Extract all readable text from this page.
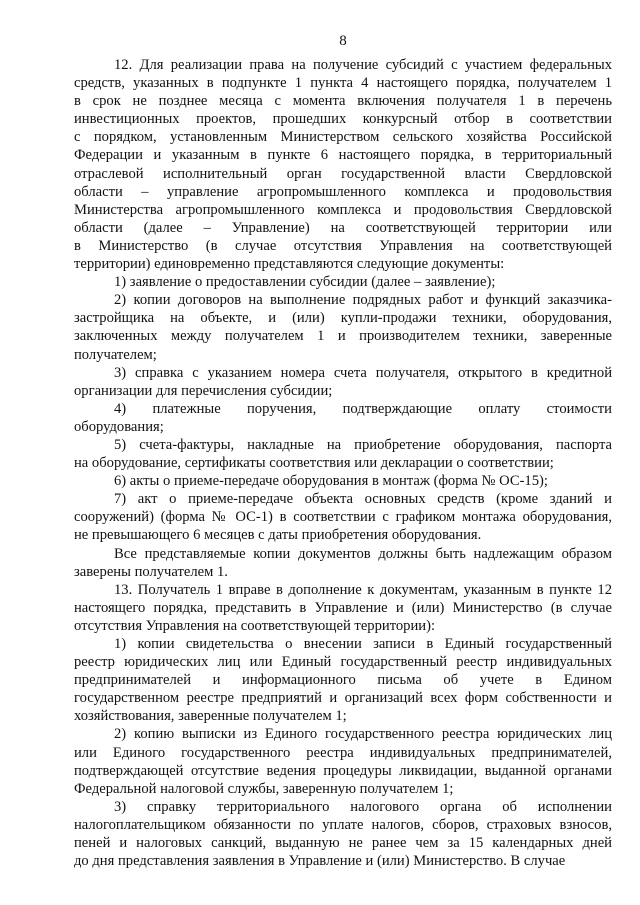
8
12. Для реализации права на получение субсидий с участием федеральных
средств, указанных в подпункте 1 пункта 4 настоящего порядка, получателем 1
в срок не позднее месяца с момента включения получателя 1 в перечень
инвестиционных проектов, прошедших конкурсный отбор в соответствии
с порядком, установленным Министерством сельского хозяйства Российской
Федерации и указанным в пункте 6 настоящего порядка, в территориальный
отраслевой исполнительный орган государственной власти Свердловской
области – управление агропромышленного комплекса и продовольствия
Министерства агропромышленного комплекса и продовольствия Свердловской
области (далее – Управление) на соответствующей территории или
в Министерство (в случае отсутствия Управления на соответствующей
территории) единовременно представляются следующие документы:
1) заявление о предоставлении субсидии (далее – заявление);
2) копии договоров на выполнение подрядных работ и функций заказчика-
застройщика на объекте, и (или) купли-продажи техники, оборудования,
заключенных между получателем 1 и производителем техники, заверенные
получателем;
3) справка с указанием номера счета получателя, открытого в кредитной
организации для перечисления субсидии;
4) платежные поручения, подтверждающие оплату стоимости
оборудования;
5) счета-фактуры, накладные на приобретение оборудования, паспорта
на оборудование, сертификаты соответствия или декларации о соответствии;
6) акты о приеме-передаче оборудования в монтаж (форма № ОС-15);
7) акт о приеме-передаче объекта основных средств (кроме зданий и
сооружений) (форма № ОС-1) в соответствии с графиком монтажа оборудования,
не превышающего 6 месяцев с даты приобретения оборудования.
Все представляемые копии документов должны быть надлежащим образом
заверены получателем 1.
13. Получатель 1 вправе в дополнение к документам, указанным в пункте 12
настоящего порядка, представить в Управление и (или) Министерство (в случае
отсутствия Управления на соответствующей территории):
1) копии свидетельства о внесении записи в Единый государственный
реестр юридических лиц или Единый государственный реестр индивидуальных
предпринимателей и информационного письма об учете в Едином
государственном реестре предприятий и организаций всех форм собственности и
хозяйствования, заверенные получателем 1;
2) копию выписки из Единого государственного реестра юридических лиц
или Единого государственного реестра индивидуальных предпринимателей,
подтверждающей отсутствие ведения процедуры ликвидации, выданной органами
Федеральной налоговой службы, заверенную получателем 1;
3) справку территориального налогового органа об исполнении
налогоплательщиком обязанности по уплате налогов, сборов, страховых взносов,
пеней и налоговых санкций, выданную не ранее чем за 15 календарных дней
до дня представления заявления в Управление и (или) Министерство. В случае
